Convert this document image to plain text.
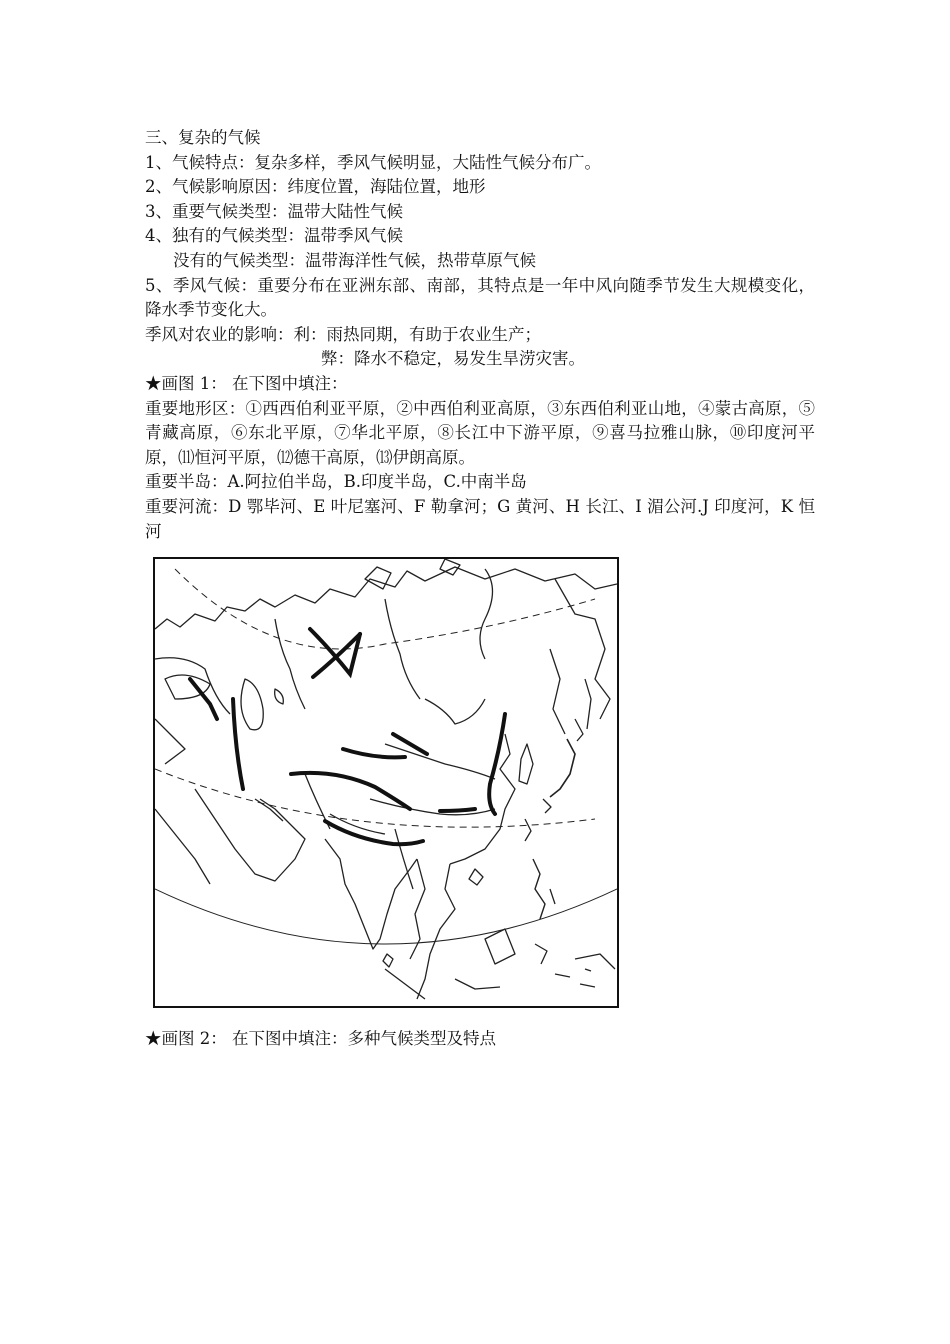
三、复杂的气候
1、气候特点：复杂多样，季风气候明显，大陆性气候分布广。
2、气候影响原因：纬度位置，海陆位置，地形
3、重要气候类型：温带大陆性气候
4、独有的气候类型：温带季风气候
没有的气候类型：温带海洋性气候，热带草原气候
5、季风气候：重要分布在亚洲东部、南部，其特点是一年中风向随季节发生大规模变化，降水季节变化大。
季风对农业的影响：利：雨热同期，有助于农业生产；
弊：降水不稳定，易发生旱涝灾害。
★画图 1： 在下图中填注：
重要地形区：①西西伯利亚平原，②中西伯利亚高原，③东西伯利亚山地，④蒙古高原，⑤青藏高原，⑥东北平原，⑦华北平原，⑧长江中下游平原，⑨喜马拉雅山脉，⑩印度河平原，⑾恒河平原，⑿德干高原，⒀伊朗高原。
重要半岛：A.阿拉伯半岛，B.印度半岛，C.中南半岛
重要河流：D 鄂毕河、E 叶尼塞河、F 勒拿河；G 黄河、H 长江、I 湄公河.J 印度河，K 恒河
★画图 2： 在下图中填注：多种气候类型及特点
